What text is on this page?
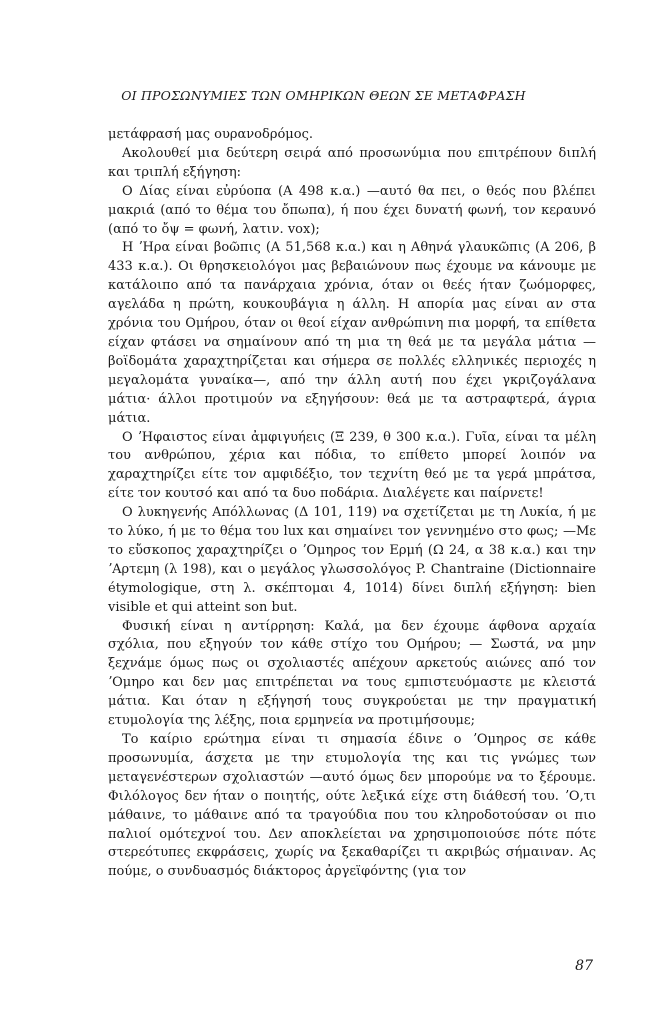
ΟΙ ΠΡΟΣΩΝΥΜΙΕΣ ΤΩΝ ΟΜΗΡΙΚΩΝ ΘΕΩΝ ΣΕ ΜΕΤΑΦΡΑΣΗ

μετάφρασή μας ουρανοδρόμος.

Ακολουθεί μια δεύτερη σειρά από προσωνύμια που επιτρέπουν διπλή και τριπλή εξήγηση:

Ο Δίας είναι εὐρύοπα (Α 498 κ.α.) —αυτό θα πει, ο θεός που βλέπει μακριά (από το θέμα του ὄπωπα), ή που έχει δυνατή φωνή, τον κεραυνό (από το ὄψ = φωνή, λατιν. vox);

Η ʼΗρα είναι βοῶπις (Α 51,568 κ.α.) και η Αθηνά γλαυκῶπις (Α 206, β 433 κ.α.). Οι θρησκειολόγοι μας βεβαιώνουν πως έχουμε να κάνουμε με κατάλοιπο από τα πανάρχαια χρόνια, όταν οι θεές ήταν ζωόμορφες, αγελάδα η πρώτη, κουκουβάγια η άλλη. Η απορία μας είναι αν στα χρόνια του Ομήρου, όταν οι θεοί είχαν ανθρώπινη πια μορφή, τα επίθετα είχαν φτάσει να σημαίνουν από τη μια τη θεά με τα μεγάλα μάτια —βοϊδομάτα χαραχτηρίζεται και σήμερα σε πολλές ελληνικές περιοχές η μεγαλομάτα γυναίκα—, από την άλλη αυτή που έχει γκριζογάλανα μάτια· άλλοι προτιμούν να εξηγήσουν: θεά με τα αστραφτερά, άγρια μάτια.

Ο ʼΗφαιστος είναι ἀμφιγυήεις (Ξ 239, θ 300 κ.α.). Γυῖα, είναι τα μέλη του ανθρώπου, χέρια και πόδια, το επίθετο μπορεί λοιπόν να χαραχτηρίζει είτε τον αμφιδέξιο, τον τεχνίτη θεό με τα γερά μπράτσα, είτε τον κουτσό και από τα δυο ποδάρια. Διαλέγετε και παίρνετε!

Ο λυκηγενής Απόλλωνας (Δ 101, 119) να σχετίζεται με τη Λυκία, ή με το λύκο, ή με το θέμα του lux και σημαίνει τον γεννημένο στο φως; —Με το εὔσκοπος χαραχτηρίζει ο ʼΟμηρος τον Ερμή (Ω 24, α 38 κ.α.) και την ʼΑρτεμη (λ 198), και ο μεγάλος γλωσσολόγος P. Chantraine (Dictionnaire étymologique, στη λ. σκέπτομαι 4, 1014) δίνει διπλή εξήγηση: bien visible et qui atteint son but.

Φυσική είναι η αντίρρηση: Καλά, μα δεν έχουμε άφθονα αρχαία σχόλια, που εξηγούν τον κάθε στίχο του Ομήρου; — Σωστά, να μην ξεχνάμε όμως πως οι σχολιαστές απέχουν αρκετούς αιώνες από τον ʼΟμηρο και δεν μας επιτρέπεται να τους εμπιστευόμαστε με κλειστά μάτια. Και όταν η εξήγησή τους συγκρούεται με την πραγματική ετυμολογία της λέξης, ποια ερμηνεία να προτιμήσουμε;

Το καίριο ερώτημα είναι τι σημασία έδινε ο ʼΟμηρος σε κάθε προσωνυμία, άσχετα με την ετυμολογία της και τις γνώμες των μεταγενέστερων σχολιαστών —αυτό όμως δεν μπορούμε να το ξέρουμε. Φιλόλογος δεν ήταν ο ποιητής, ούτε λεξικά είχε στη διάθεσή του. ʼΟ,τι μάθαινε, το μάθαινε από τα τραγούδια που του κληροδοτούσαν οι πιο παλιοί ομότεχνοί του. Δεν αποκλείεται να χρησιμοποιούσε πότε πότε στερεότυπες εκφράσεις, χωρίς να ξεκαθαρίζει τι ακριβώς σήμαιναν. Ας πούμε, ο συνδυασμός διάκτορος ἀργεϊφόντης (για τον

87
